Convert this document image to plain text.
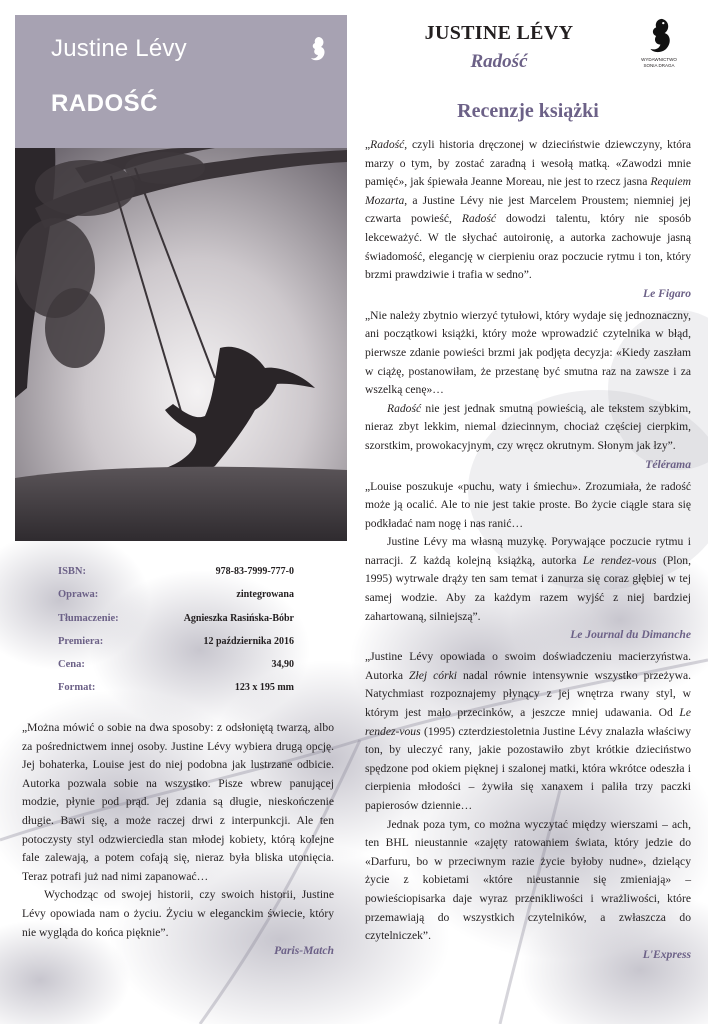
Justine Lévy
RADOŚĆ
ISBN:	978-83-7999-777-0
Oprawa:	zintegrowana
Tłumaczenie:	Agnieszka Rasińska-Bóbr
Premiera:	12 października 2016
Cena:	34,90
Format:	123 x 195 mm

„Można mówić o sobie na dwa sposoby: z odsłoniętą twarzą, albo za pośrednictwem innej osoby. Justine Lévy wybiera drugą opcję. Jej bohaterka, Louise jest do niej podobna jak lustrzane odbicie. Autorka pozwala sobie na wszystko. Pisze wbrew panującej modzie, płynie pod prąd. Jej zdania są długie, nieskończenie długie. Bawi się, a może raczej drwi z interpunkcji. Ale ten potoczysty styl odzwierciedla stan młodej kobiety, którą kolejne fale zalewają, a potem cofają się, nieraz była bliska utonięcia. Teraz potrafi już nad nimi zapanować…

Wychodząc od swojej historii, czy swoich historii, Justine Lévy opowiada nam o życiu. Życiu w eleganckim świecie, który nie wygląda do końca pięknie”.

Paris-Match
JUSTINE LÉVY
Radość	WYDAWNICTWO
SONIA DRAGA
Recenzje książki

„Radość, czyli historia dręczonej w dzieciństwie dziewczyny, która marzy o tym, by zostać zaradną i wesołą matką. «Zawodzi mnie pamięć», jak śpiewała Jeanne Moreau, nie jest to rzecz jasna Requiem Mozarta, a Justine Lévy nie jest Marcelem Proustem; niemniej jej czwarta powieść, Radość dowodzi talentu, który nie sposób lekceważyć. W tle słychać autoironię, a autorka zachowuje jasną świadomość, elegancję w cierpieniu oraz poczucie rytmu i ton, który brzmi prawdziwie i trafia w sedno”.

Le Figaro

„Nie należy zbytnio wierzyć tytułowi, który wydaje się jednoznaczny, ani początkowi książki, który może wprowadzić czytelnika w błąd, pierwsze zdanie powieści brzmi jak podjęta decyzja: «Kiedy zaszłam w ciążę, postanowiłam, że przestanę być smutna raz na zawsze i za wszelką cenę»…

Radość nie jest jednak smutną powieścią, ale tekstem szybkim, nieraz zbyt lekkim, niemal dziecinnym, chociaż częściej cierpkim, szorstkim, prowokacyjnym, czy wręcz okrutnym. Słonym jak łzy”.

Télérama

„Louise poszukuje «puchu, waty i śmiechu». Zrozumiała, że radość może ją ocalić. Ale to nie jest takie proste. Bo życie ciągle stara się podkładać nam nogę i nas ranić…

Justine Lévy ma własną muzykę. Porywające poczucie rytmu i narracji. Z każdą kolejną książką, autorka Le rendez-vous (Plon, 1995) wytrwale drąży ten sam temat i zanurza się coraz głębiej w tej samej wodzie. Aby za każdym razem wyjść z niej bardziej zahartowaną, silniejszą”.

Le Journal du Dimanche

„Justine Lévy opowiada o swoim doświadczeniu macierzyństwa. Autorka Złej córki nadal równie intensywnie wszystko przeżywa. Natychmiast rozpoznajemy płynący z jej wnętrza rwany styl, w którym jest mało przecinków, a jeszcze mniej udawania. Od Le rendez-vous (1995) czterdziestoletnia Justine Lévy znalazła właściwy ton, by uleczyć rany, jakie pozostawiło zbyt krótkie dzieciństwo spędzone pod okiem pięknej i szalonej matki, która wkrótce odeszła i cierpienia młodości – żywiła się xanaxem i paliła trzy paczki papierosów dziennie…

Jednak poza tym, co można wyczytać między wierszami – ach, ten BHL nieustannie «zajęty ratowaniem świata, który jedzie do «Darfuru, bo w przeciwnym razie życie byłoby nudne», dzielący życie z kobietami «które nieustannie się zmieniają» – powieściopisarka daje wyraz przenikliwości i wrażliwości, które przemawiają do wszystkich czytelników, a zwłaszcza do czytelniczek”.

L'Express
